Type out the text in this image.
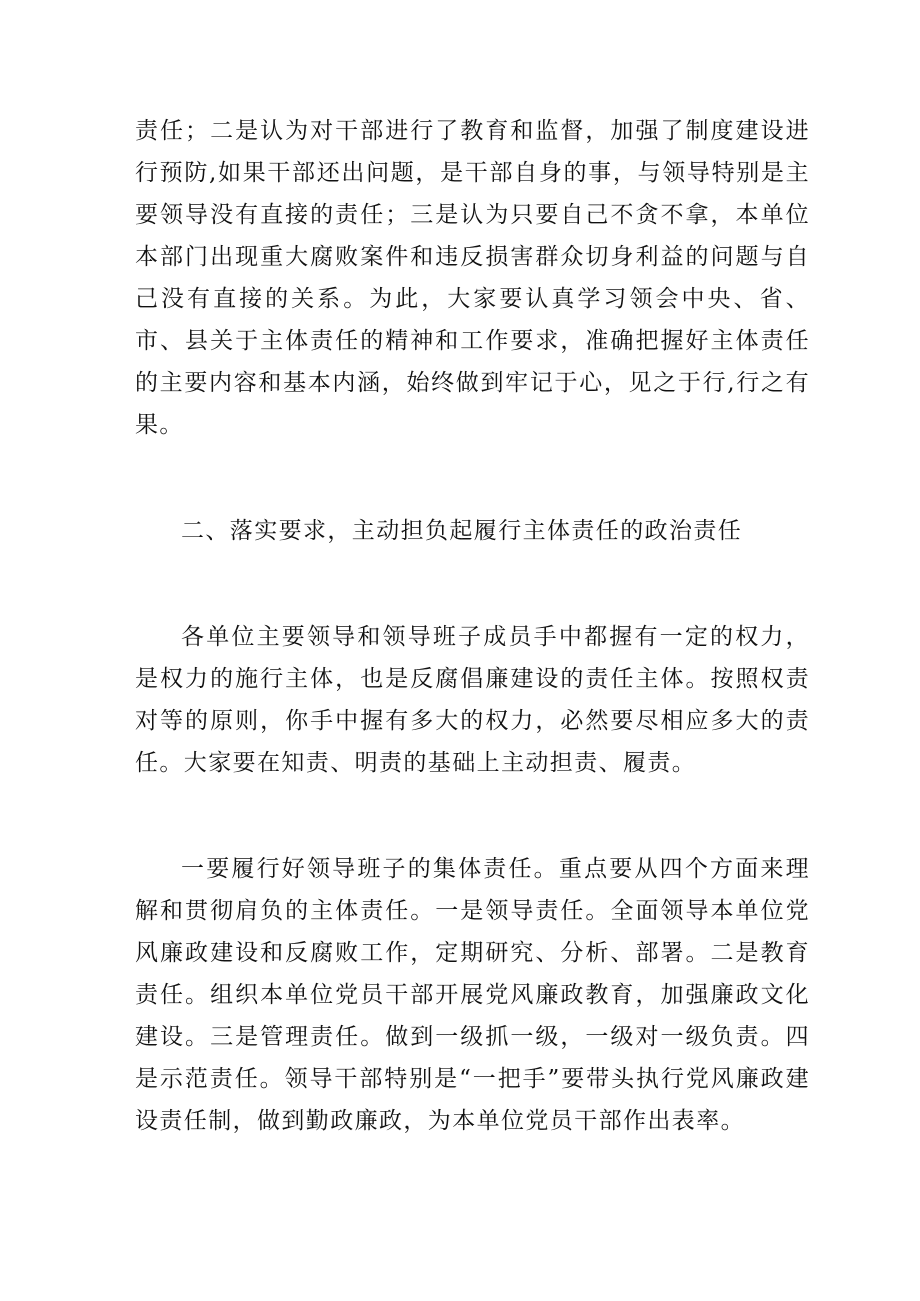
责任；二是认为对干部进行了教育和监督，加强了制度建设进行预防,如果干部还出问题，是干部自身的事，与领导特别是主要领导没有直接的责任；三是认为只要自己不贪不拿，本单位本部门出现重大腐败案件和违反损害群众切身利益的问题与自己没有直接的关系。为此，大家要认真学习领会中央、省、市、县关于主体责任的精神和工作要求，准确把握好主体责任的主要内容和基本内涵，始终做到牢记于心，见之于行,行之有果。

二、落实要求，主动担负起履行主体责任的政治责任

各单位主要领导和领导班子成员手中都握有一定的权力，是权力的施行主体，也是反腐倡廉建设的责任主体。按照权责对等的原则，你手中握有多大的权力，必然要尽相应多大的责任。大家要在知责、明责的基础上主动担责、履责。

一要履行好领导班子的集体责任。重点要从四个方面来理解和贯彻肩负的主体责任。一是领导责任。全面领导本单位党风廉政建设和反腐败工作，定期研究、分析、部署。二是教育责任。组织本单位党员干部开展党风廉政教育，加强廉政文化建设。三是管理责任。做到一级抓一级，一级对一级负责。四是示范责任。领导干部特别是“一把手”要带头执行党风廉政建设责任制，做到勤政廉政，为本单位党员干部作出表率。
